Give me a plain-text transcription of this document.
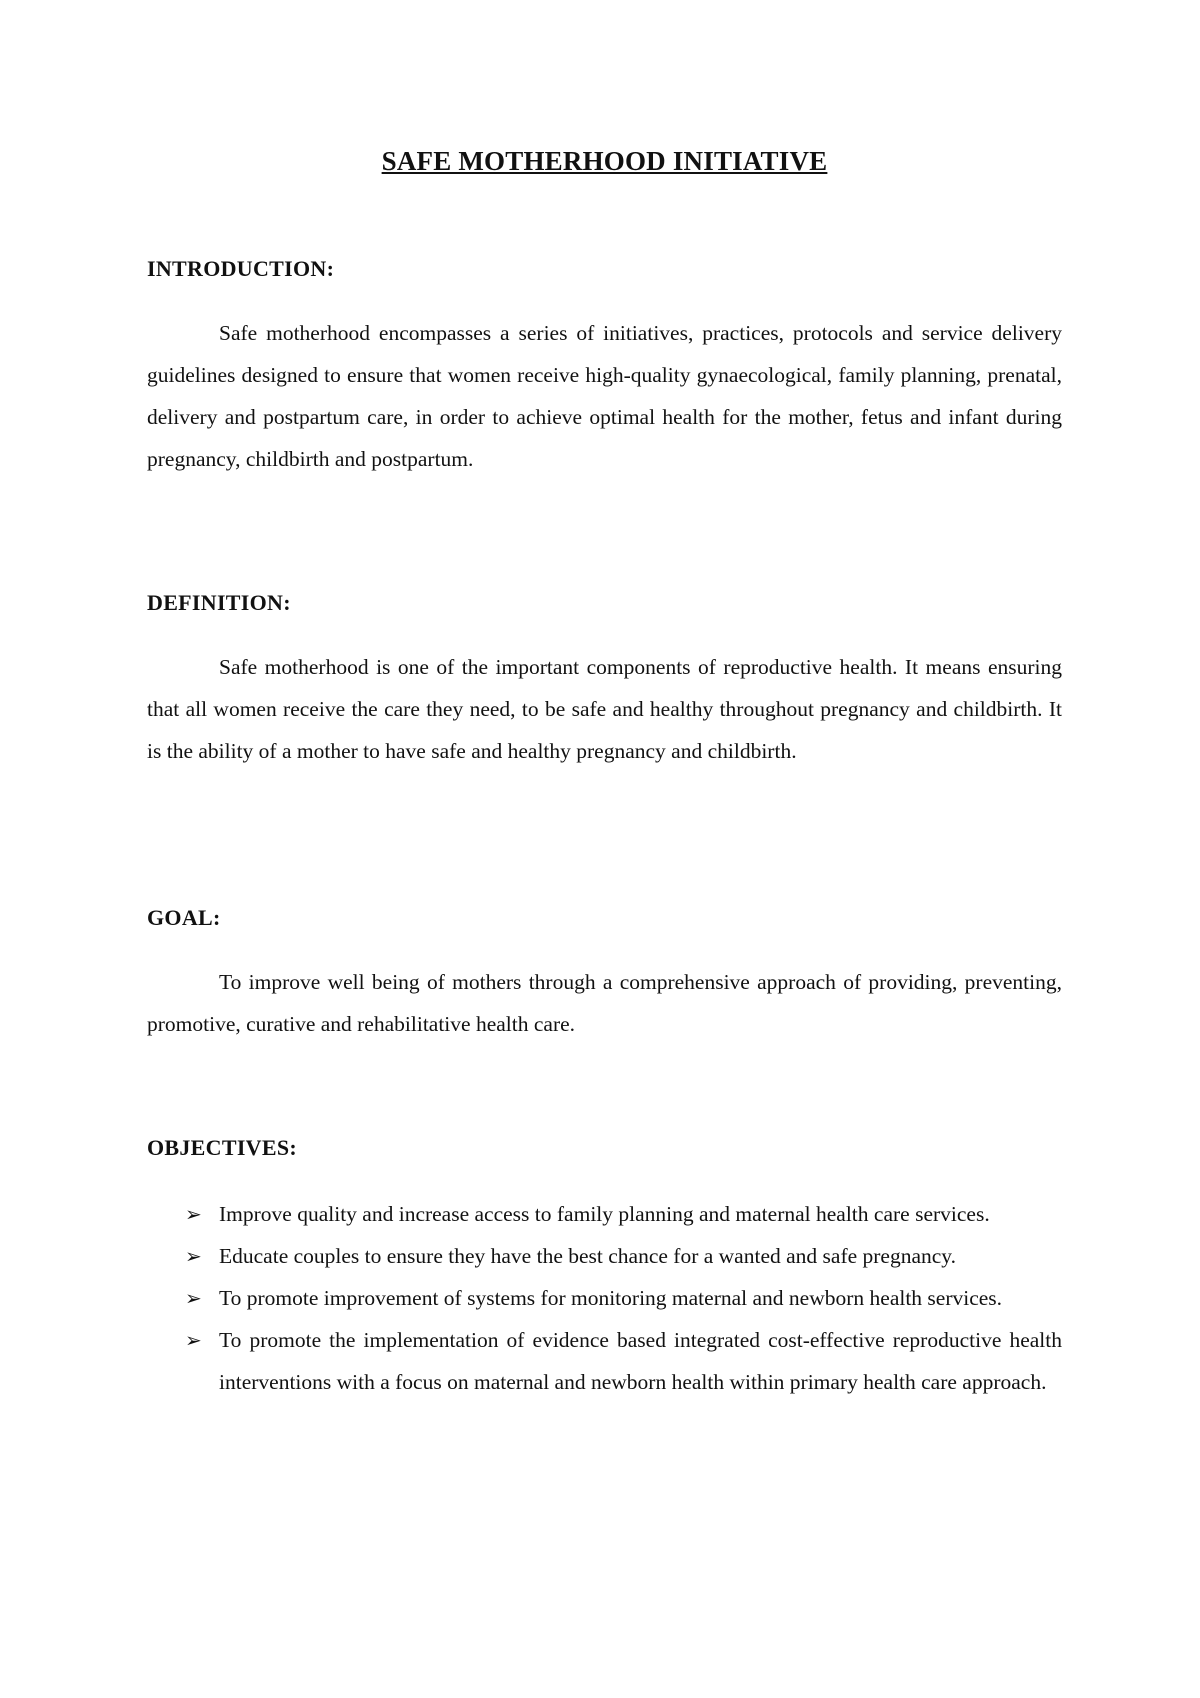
SAFE MOTHERHOOD INITIATIVE
INTRODUCTION:

Safe motherhood encompasses a series of initiatives, practices, protocols and service delivery guidelines designed to ensure that women receive high-quality gynaecological, family planning, prenatal, delivery and postpartum care, in order to achieve optimal health for the mother, fetus and infant during pregnancy, childbirth and postpartum.

DEFINITION:

Safe motherhood is one of the important components of reproductive health. It means ensuring that all women receive the care they need, to be safe and healthy throughout pregnancy and childbirth. It is the ability of a mother to have safe and healthy pregnancy and childbirth.

GOAL:

To improve well being of mothers through a comprehensive approach of providing, preventing, promotive, curative and rehabilitative health care.

OBJECTIVES:
➢ Improve quality and increase access to family planning and maternal health care services.
➢ Educate couples to ensure they have the best chance for a wanted and safe pregnancy.
➢ To promote improvement of systems for monitoring maternal and newborn health services.
➢ To promote the implementation of evidence based integrated cost-effective reproductive health interventions with a focus on maternal and newborn health within primary health care approach.
